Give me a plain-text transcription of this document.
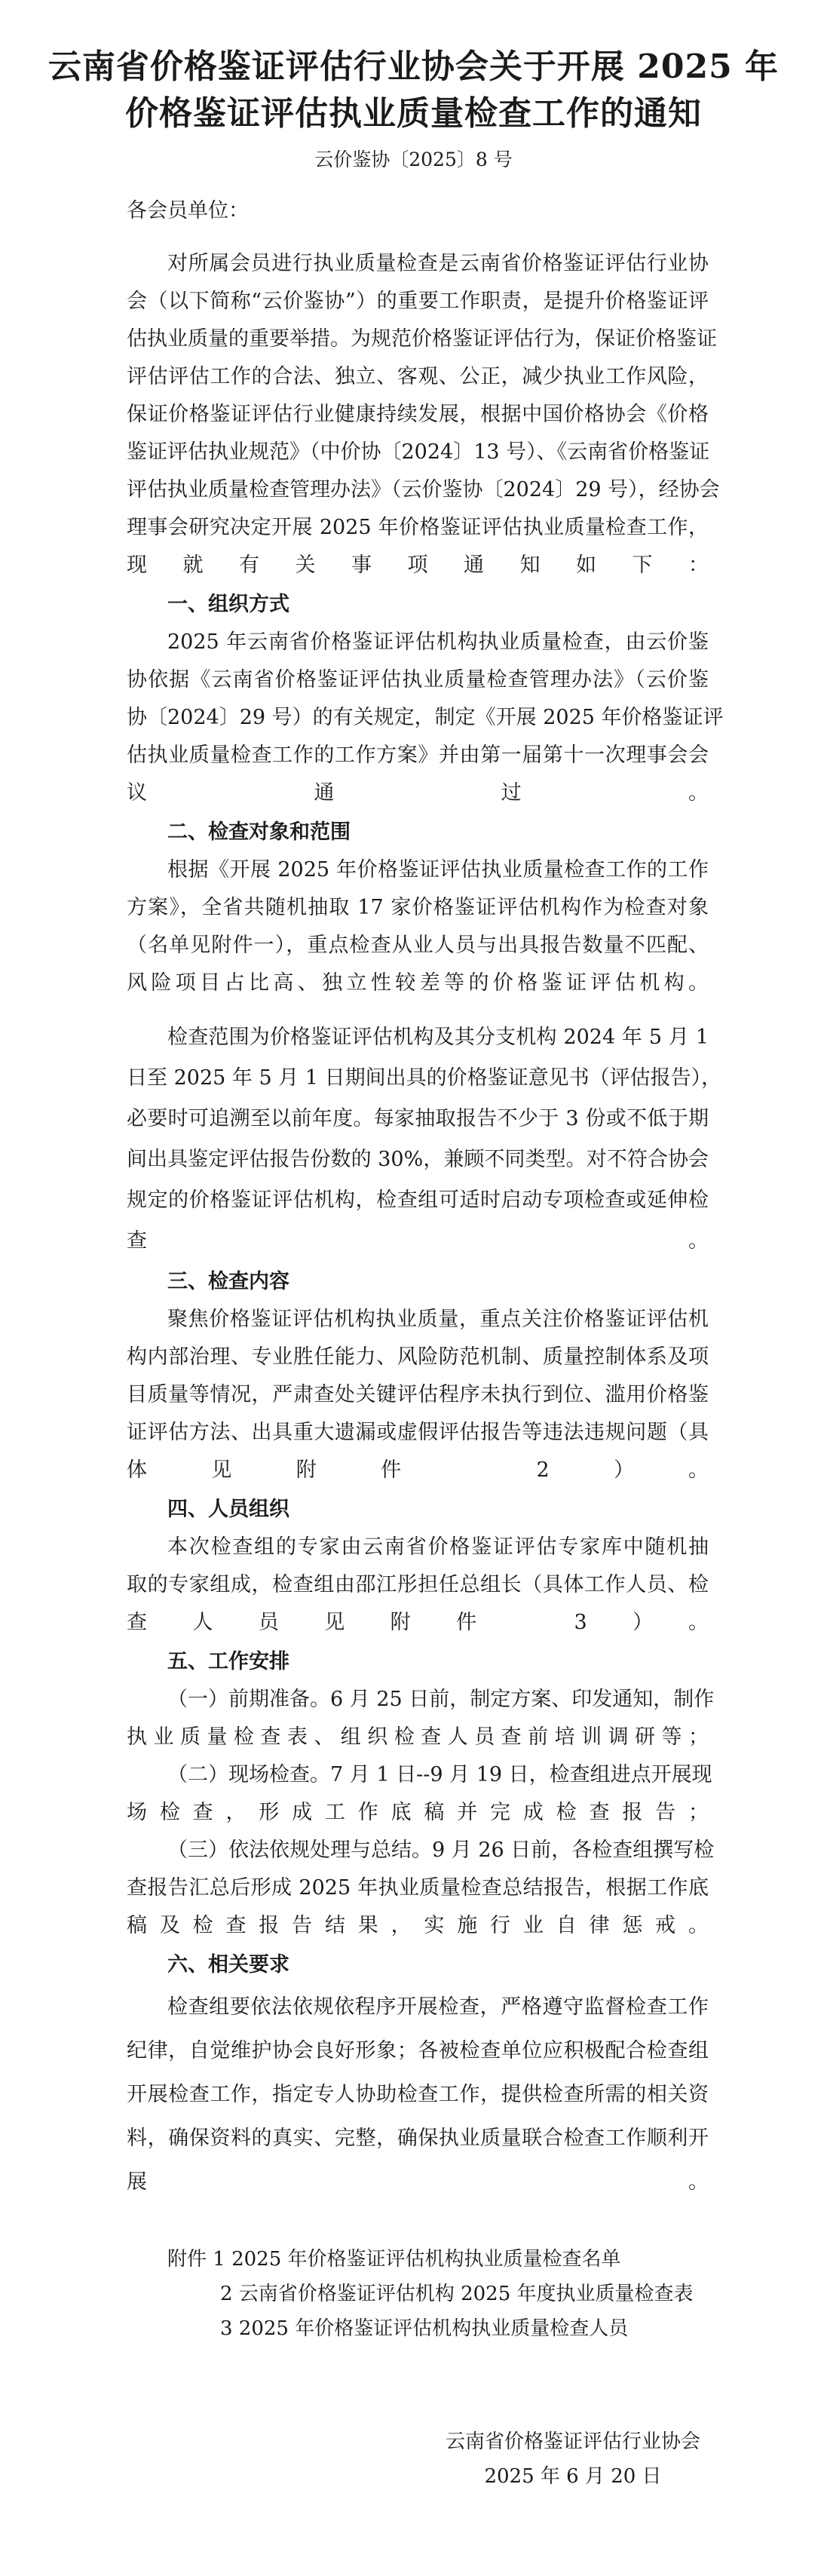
云南省价格鉴证评估行业协会关于开展 2025 年
价格鉴证评估执业质量检查工作的通知

云价鉴协〔2025〕8 号

各会员单位：

对所属会员进行执业质量检查是云南省价格鉴证评估行业协

会（以下简称“云价鉴协”）的重要工作职责，是提升价格鉴证评

估执业质量的重要举措。为规范价格鉴证评估行为，保证价格鉴证

评估评估工作的合法、独立、客观、公正，减少执业工作风险，

保证价格鉴证评估行业健康持续发展，根据中国价格协会《价格

鉴证评估执业规范》（中价协〔2024〕13 号）、《云南省价格鉴证

评估执业质量检查管理办法》（云价鉴协〔2024〕29 号），经协会

理事会研究决定开展 2025 年价格鉴证评估执业质量检查工作，

现就有关事项通知如下：

一、组织方式

2025 年云南省价格鉴证评估机构执业质量检查，由云价鉴

协依据《云南省价格鉴证评估执业质量检查管理办法》（云价鉴

协〔2024〕29 号）的有关规定，制定《开展 2025 年价格鉴证评

估执业质量检查工作的工作方案》并由第一届第十一次理事会会

议通过。

二、检查对象和范围

根据《开展 2025 年价格鉴证评估执业质量检查工作的工作

方案》，全省共随机抽取 17 家价格鉴证评估机构作为检查对象

（名单见附件一），重点检查从业人员与出具报告数量不匹配、

风险项目占比高、独立性较差等的价格鉴证评估机构。

检查范围为价格鉴证评估机构及其分支机构 2024 年 5 月 1

日至 2025 年 5 月 1 日期间出具的价格鉴证意见书（评估报告），

必要时可追溯至以前年度。每家抽取报告不少于 3 份或不低于期

间出具鉴定评估报告份数的 30%，兼顾不同类型。对不符合协会

规定的价格鉴证评估机构，检查组可适时启动专项检查或延伸检

查。

三、检查内容

聚焦价格鉴证评估机构执业质量，重点关注价格鉴证评估机

构内部治理、专业胜任能力、风险防范机制、质量控制体系及项

目质量等情况，严肃查处关键评估程序未执行到位、滥用价格鉴

证评估方法、出具重大遗漏或虚假评估报告等违法违规问题（具

体见附件 2）。

四、人员组织

本次检查组的专家由云南省价格鉴证评估专家库中随机抽

取的专家组成，检查组由邵江彤担任总组长（具体工作人员、检

查人员见附件 3）。

五、工作安排

（一）前期准备。6 月 25 日前，制定方案、印发通知，制作

执业质量检查表、组织检查人员查前培训调研等；

（二）现场检查。7 月 1 日--9 月 19 日，检查组进点开展现

场检查，形成工作底稿并完成检查报告；

（三）依法依规处理与总结。9 月 26 日前，各检查组撰写检

查报告汇总后形成 2025 年执业质量检查总结报告，根据工作底

稿及检查报告结果，实施行业自律惩戒。

六、相关要求

检查组要依法依规依程序开展检查，严格遵守监督检查工作

纪律，自觉维护协会良好形象；各被检查单位应积极配合检查组

开展检查工作，指定专人协助检查工作，提供检查所需的相关资

料，确保资料的真实、完整，确保执业质量联合检查工作顺利开

展。

附件 1 2025 年价格鉴证评估机构执业质量检查名单

2 云南省价格鉴证评估机构 2025 年度执业质量检查表

3 2025 年价格鉴证评估机构执业质量检查人员

云南省价格鉴证评估行业协会

2025 年 6 月 20 日
